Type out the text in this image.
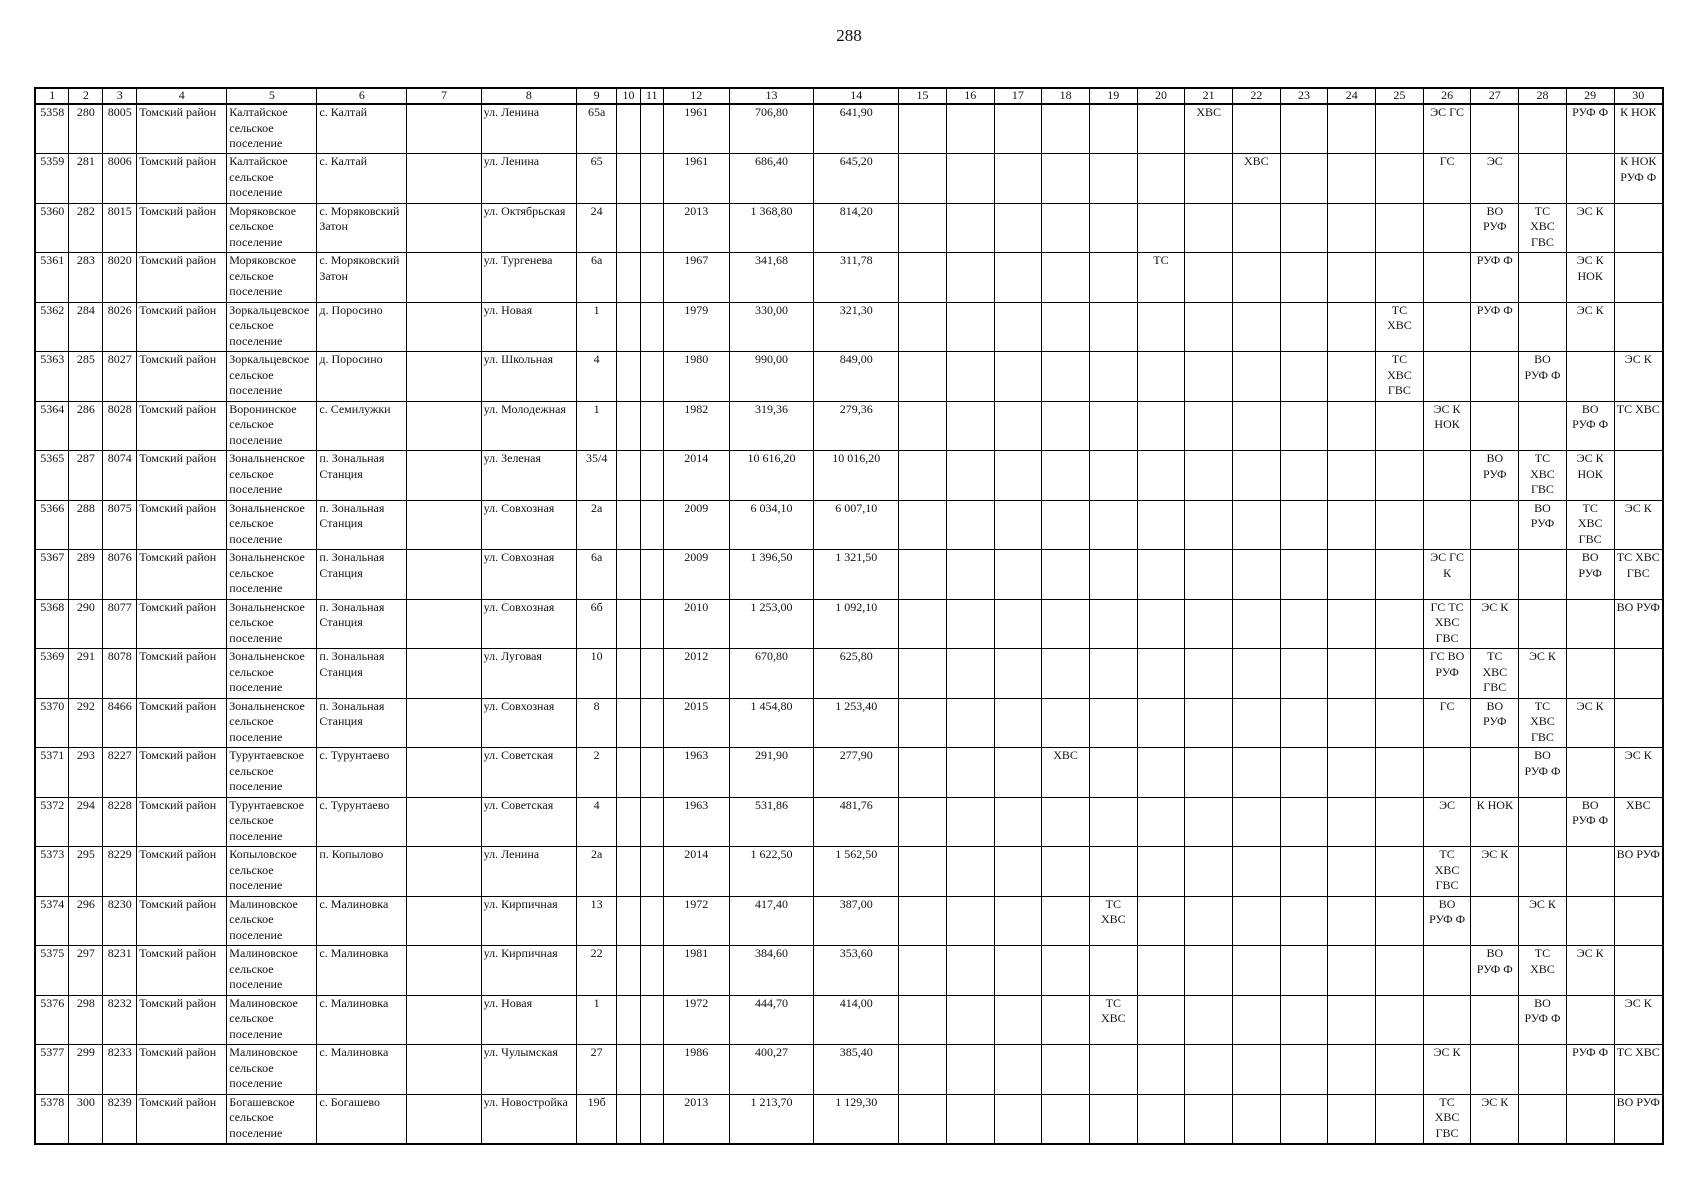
288
1	2	3	4	5	6	7	8	9	10	11	12	13	14	15	16	17	18	19	20	21	22	23	24	25	26	27	28	29	30
5358	280	8005	Томский район	Калтайское сельское поселение	с. Калтай		ул. Ленина	65а			1961	706,80	641,90							ХВС					ЭС ГС			РУФ Ф	К НОК
5359	281	8006	Томский район	Калтайское сельское поселение	с. Калтай		ул. Ленина	65			1961	686,40	645,20								ХВС				ГС	ЭС			К НОК РУФ Ф
5360	282	8015	Томский район	Моряковское сельское поселение	с. Моряковский Затон		ул. Октябрьская	24			2013	1 368,80	814,20													ВО РУФ	ТС ХВС ГВС	ЭС К	
5361	283	8020	Томский район	Моряковское сельское поселение	с. Моряковский Затон		ул. Тургенева	6а			1967	341,68	311,78						ТС							РУФ Ф		ЭС К НОК	
5362	284	8026	Томский район	Зоркальцевское сельское поселение	д. Поросино		ул. Новая	1			1979	330,00	321,30											ТС ХВС		РУФ Ф		ЭС К	
5363	285	8027	Томский район	Зоркальцевское сельское поселение	д. Поросино		ул. Школьная	4			1980	990,00	849,00											ТС ХВС ГВС			ВО РУФ Ф		ЭС К
5364	286	8028	Томский район	Воронинское сельское поселение	с. Семилужки		ул. Молодежная	1			1982	319,36	279,36												ЭС К НОК			ВО РУФ Ф	ТС ХВС
5365	287	8074	Томский район	Зональненское сельское поселение	п. Зональная Станция		ул. Зеленая	35/4			2014	10 616,20	10 016,20													ВО РУФ	ТС ХВС ГВС	ЭС К НОК	
5366	288	8075	Томский район	Зональненское сельское поселение	п. Зональная Станция		ул. Совхозная	2а			2009	6 034,10	6 007,10														ВО РУФ	ТС ХВС ГВС	ЭС К
5367	289	8076	Томский район	Зональненское сельское поселение	п. Зональная Станция		ул. Совхозная	6а			2009	1 396,50	1 321,50												ЭС ГС К			ВО РУФ	ТС ХВС ГВС
5368	290	8077	Томский район	Зональненское сельское поселение	п. Зональная Станция		ул. Совхозная	6б			2010	1 253,00	1 092,10												ГС ТС ХВС ГВС	ЭС К			ВО РУФ
5369	291	8078	Томский район	Зональненское сельское поселение	п. Зональная Станция		ул. Луговая	10			2012	670,80	625,80												ГС ВО РУФ	ТС ХВС ГВС	ЭС К		
5370	292	8466	Томский район	Зональненское сельское поселение	п. Зональная Станция		ул. Совхозная	8			2015	1 454,80	1 253,40												ГС	ВО РУФ	ТС ХВС ГВС	ЭС К	
5371	293	8227	Томский район	Турунтаевское сельское поселение	с. Турунтаево		ул. Советская	2			1963	291,90	277,90				ХВС										ВО РУФ Ф		ЭС К
5372	294	8228	Томский район	Турунтаевское сельское поселение	с. Турунтаево		ул. Советская	4			1963	531,86	481,76												ЭС	К НОК		ВО РУФ Ф	ХВС
5373	295	8229	Томский район	Копыловское сельское поселение	п. Копылово		ул. Ленина	2а			2014	1 622,50	1 562,50												ТС ХВС ГВС	ЭС К			ВО РУФ
5374	296	8230	Томский район	Малиновское сельское поселение	с. Малиновка		ул. Кирпичная	13			1972	417,40	387,00					ТС ХВС							ВО РУФ Ф		ЭС К		
5375	297	8231	Томский район	Малиновское сельское поселение	с. Малиновка		ул. Кирпичная	22			1981	384,60	353,60													ВО РУФ Ф	ТС ХВС	ЭС К	
5376	298	8232	Томский район	Малиновское сельское поселение	с. Малиновка		ул. Новая	1			1972	444,70	414,00					ТС ХВС									ВО РУФ Ф		ЭС К
5377	299	8233	Томский район	Малиновское сельское поселение	с. Малиновка		ул. Чулымская	27			1986	400,27	385,40												ЭС К			РУФ Ф	ТС ХВС
5378	300	8239	Томский район	Богашевское сельское поселение	с. Богашево		ул. Новостройка	19б			2013	1 213,70	1 129,30												ТС ХВС ГВС	ЭС К			ВО РУФ
